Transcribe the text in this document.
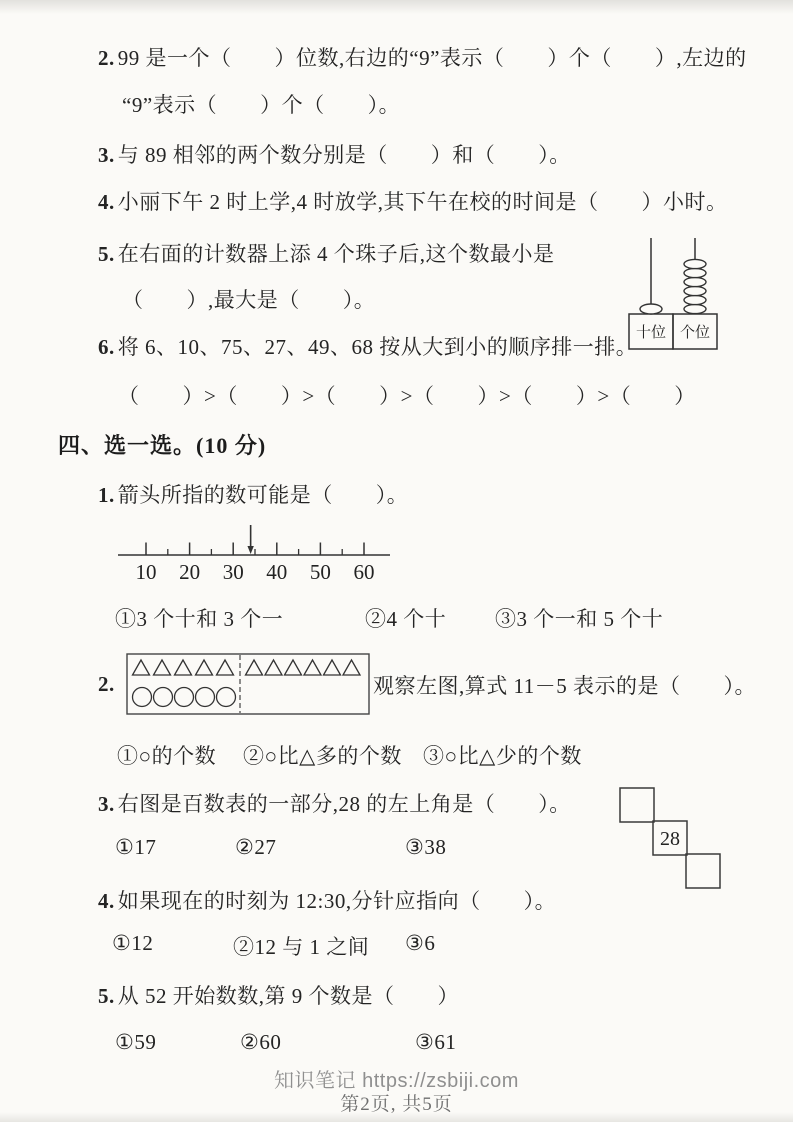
2. 99 是一个（　　）位数,右边的“9”表示（　　）个（　　）,左边的
“9”表示（　　）个（　　）。
3. 与 89 相邻的两个数分别是（　　）和（　　）。
4. 小丽下午 2 时上学,4 时放学,其下午在校的时间是（　　）小时。
5. 在右面的计数器上添 4 个珠子后,这个数最小是
（　　）,最大是（　　）。
十位 个位
6. 将 6、10、75、27、49、68 按从大到小的顺序排一排。
（　　）>（　　）>（　　）>（　　）>（　　）>（　　）
四、选一选。(10 分)
1. 箭头所指的数可能是（　　）。
10 20 30 40 50 60
①3 个十和 3 个一	②4 个十 ③3 个一和 5 个十
2.	观察左图,算式 11－5 表示的是（　　）。
①○的个数 ②○比△多的个数 ③○比△少的个数
3. 右图是百数表的一部分,28 的左上角是（　　）。
28
①17	②27	③38
4. 如果现在的时刻为 12:30,分针应指向（　　）。
①12	②12 与 1 之间 ③6
5. 从 52 开始数数,第 9 个数是（　　）
①59	②60	③61
知识笔记 https://zsbiji.com
第2页, 共5页
